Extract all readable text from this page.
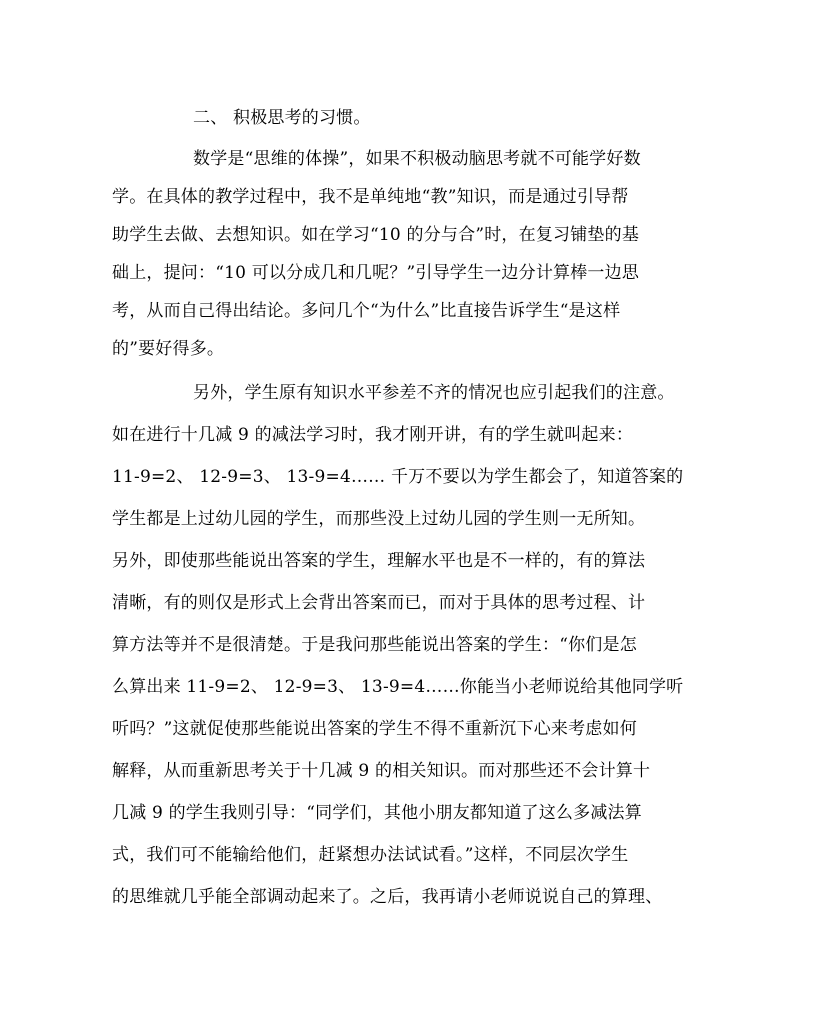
二、 积极思考的习惯。
数学是“思维的体操”，如果不积极动脑思考就不可能学好数
学。在具体的教学过程中，我不是单纯地“教”知识，而是通过引导帮
助学生去做、去想知识。如在学习“10 的分与合”时，在复习铺垫的基
础上，提问：“10 可以分成几和几呢？”引导学生一边分计算棒一边思
考，从而自己得出结论。多问几个“为什么”比直接告诉学生“是这样
的”要好得多。
另外，学生原有知识水平参差不齐的情况也应引起我们的注意。
如在进行十几减 9 的减法学习时，我才刚开讲，有的学生就叫起来：
11-9=2、 12-9=3、 13-9=4…… 千万不要以为学生都会了，知道答案的
学生都是上过幼儿园的学生，而那些没上过幼儿园的学生则一无所知。
另外，即使那些能说出答案的学生，理解水平也是不一样的，有的算法
清晰，有的则仅是形式上会背出答案而已，而对于具体的思考过程、计
算方法等并不是很清楚。于是我问那些能说出答案的学生：“你们是怎
么算出来 11-9=2、 12-9=3、 13-9=4……你能当小老师说给其他同学听
听吗？”这就促使那些能说出答案的学生不得不重新沉下心来考虑如何
解释，从而重新思考关于十几减 9 的相关知识。而对那些还不会计算十
几减 9 的学生我则引导：“同学们，其他小朋友都知道了这么多减法算
式，我们可不能输给他们，赶紧想办法试试看。”这样，不同层次学生
的思维就几乎能全部调动起来了。之后，我再请小老师说说自己的算理、
